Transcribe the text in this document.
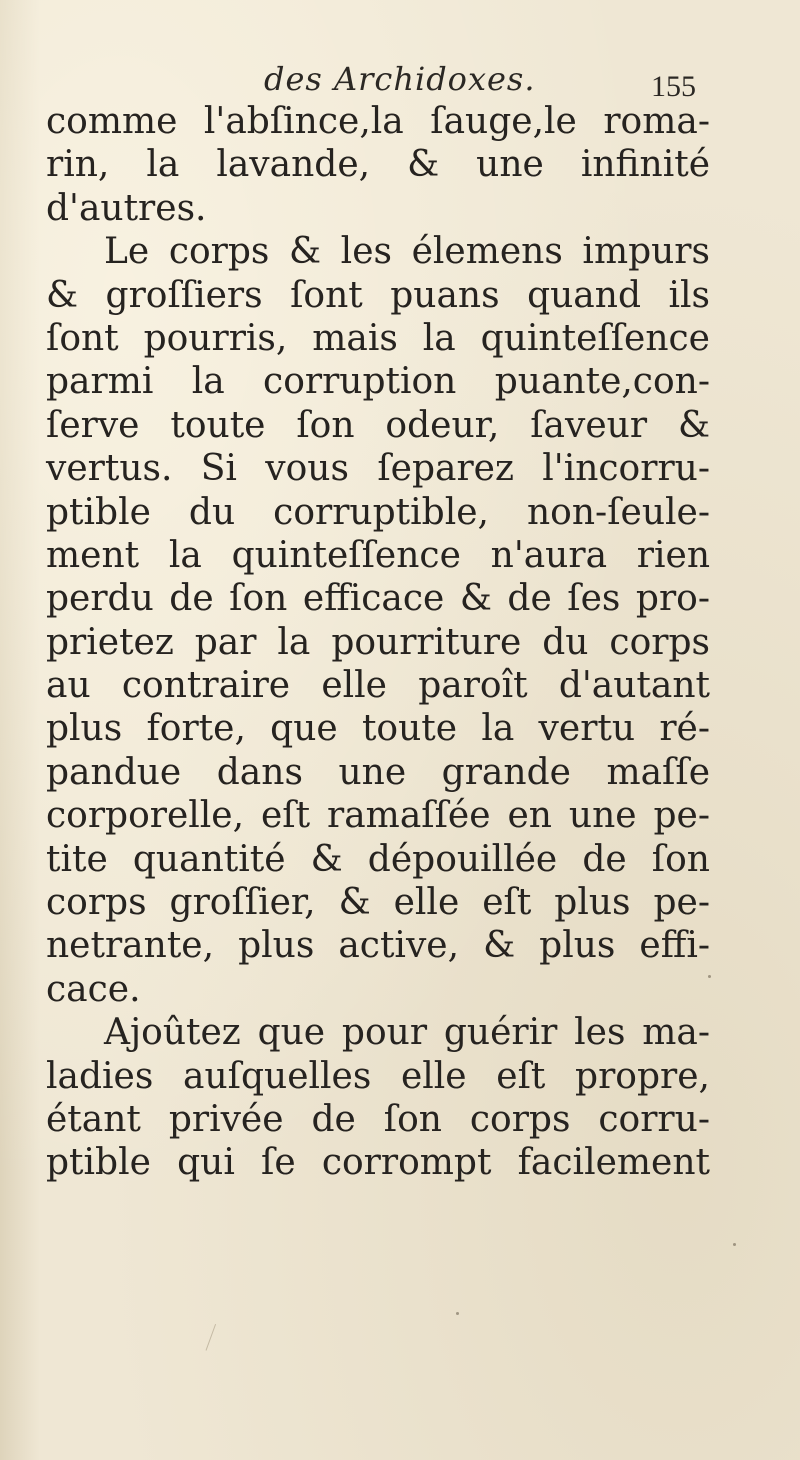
des Archidoxes.	155
comme l'abſince,la ſauge,le roma-
rin, la lavande, & une infinité
d'autres.
Le corps & les élemens impurs
& groſſiers ſont puans quand ils
ſont pourris, mais la quinteſſence
parmi la corruption puante,con-
ſerve toute ſon odeur, ſaveur &
vertus. Si vous ſeparez l'incorru-
ptible du corruptible, non-ſeule-
ment la quinteſſence n'aura rien
perdu de ſon efficace & de ſes pro-
prietez par la pourriture du corps
au contraire elle paroît d'autant
plus forte, que toute la vertu ré-
pandue dans une grande maſſe
corporelle, eſt ramaſſée en une pe-
tite quantité & dépouillée de ſon
corps groſſier, & elle eſt plus pe-
netrante, plus active, & plus effi-
cace.
Ajoûtez que pour guérir les ma-
ladies auſquelles elle eſt propre,
étant privée de ſon corps corru-
ptible qui ſe corrompt facilement
